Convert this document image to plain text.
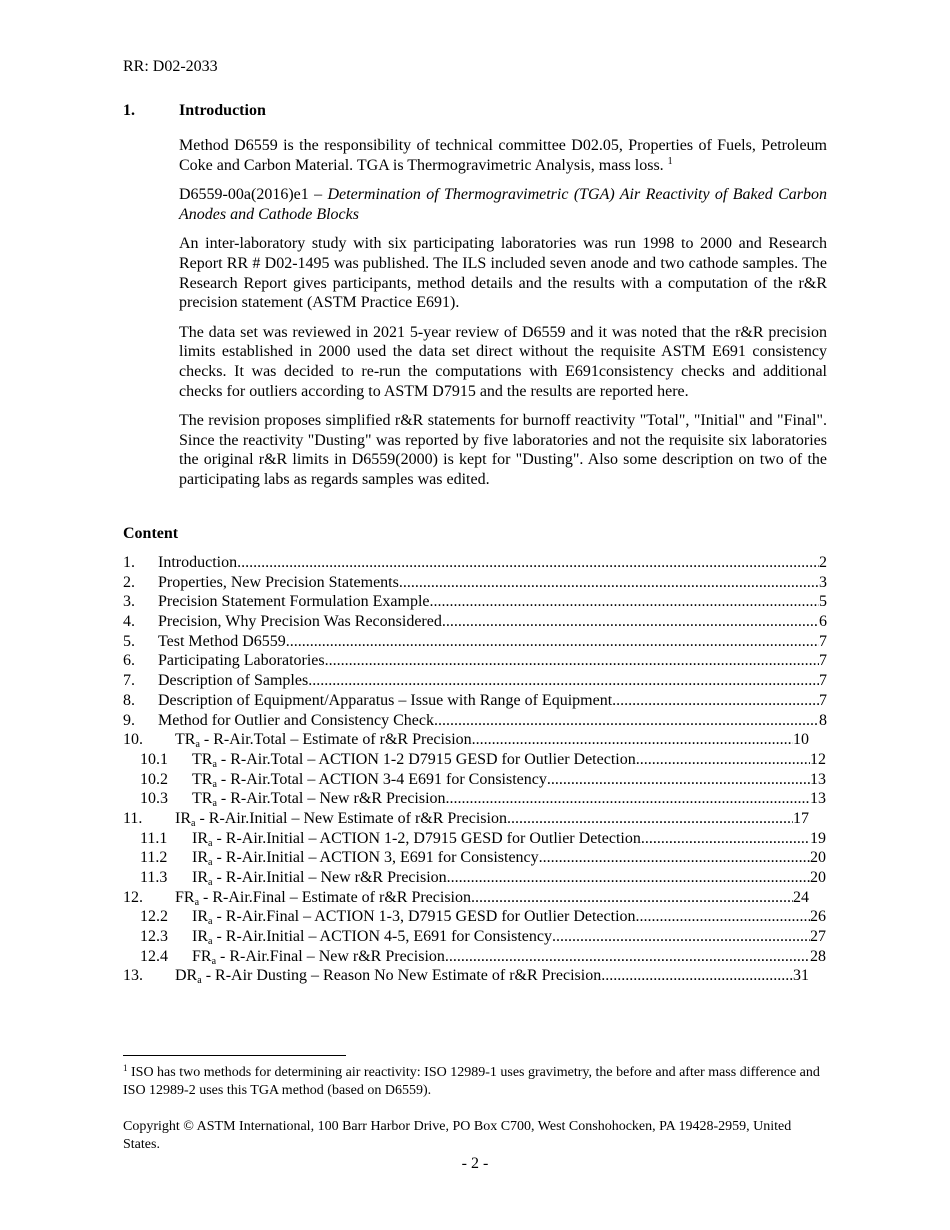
RR: D02-2033
1.	Introduction

Method D6559 is the responsibility of technical committee D02.05, Properties of Fuels, Petroleum Coke and Carbon Material. TGA is Thermogravimetric Analysis, mass loss. $^1$

D6559-00a(2016)e1 – Determination of Thermogravimetric (TGA) Air Reactivity of Baked Carbon Anodes and Cathode Blocks

An inter-laboratory study with six participating laboratories was run 1998 to 2000 and Research Report RR # D02-1495 was published. The ILS included seven anode and two cathode samples. The Research Report gives participants, method details and the results with a computation of the r&R precision statement (ASTM Practice E691).

The data set was reviewed in 2021 5-year review of D6559 and it was noted that the r&R precision limits established in 2000 used the data set direct without the requisite ASTM E691 consistency checks. It was decided to re-run the computations with E691consistency checks and additional checks for outliers according to ASTM D7915 and the results are reported here.

The revision proposes simplified r&R statements for burnoff reactivity "Total", "Initial" and "Final". Since the reactivity "Dusting" was reported by five laboratories and not the requisite six laboratories the original r&R limits in D6559(2000) is kept for "Dusting". Also some description on two of the participating labs as regards samples was edited.

Content
1.	Introduction .....	2
2.	Properties, New Precision Statements .....	3
3.	Precision Statement Formulation Example .....	5
4.	Precision, Why Precision Was Reconsidered .....	6
5.	Test Method D6559 .....	7
6.	Participating Laboratories .....	7
7.	Description of Samples .....	7
8.	Description of Equipment/Apparatus – Issue with Range of Equipment .....	7
9.	Method for Outlier and Consistency Check .....	8
10.	$TR_a$ - R-Air.Total – Estimate of r&R Precision .....	10
10.1	$TR_a$ - R-Air.Total – ACTION 1-2 D7915 GESD for Outlier Detection .....	12
10.2	$TR_a$ - R-Air.Total – ACTION 3-4 E691 for Consistency .....	13
10.3	$TR_a$ - R-Air.Total – New r&R Precision .....	13
11.	$IR_a$ - R-Air.Initial – New Estimate of r&R Precision .....	17
11.1	$IR_a$ - R-Air.Initial – ACTION 1-2, D7915 GESD for Outlier Detection .....	19
11.2	$IR_a$ - R-Air.Initial – ACTION 3, E691 for Consistency .....	20
11.3	$IR_a$ - R-Air.Initial – New r&R Precision .....	20
12.	$FR_a$ - R-Air.Final – Estimate of r&R Precision .....	24
12.2	$IR_a$ - R-Air.Final – ACTION 1-3, D7915 GESD for Outlier Detection .....	26
12.3	$IR_a$ - R-Air.Initial – ACTION 4-5, E691 for Consistency .....	27
12.4	$FR_a$ - R-Air.Final – New r&R Precision .....	28
13.	$DR_a - R-Air$ Dusting – Reason No New Estimate of r&R Precision .....	31
$^1$ ISO has two methods for determining air reactivity: ISO 12989-1 uses gravimetry, the before and after mass difference and ISO 12989-2 uses this TGA method (based on D6559).
Copyright © ASTM International, 100 Barr Harbor Drive, PO Box C700, West Conshohocken, PA 19428-2959, United States.
- 2 -
